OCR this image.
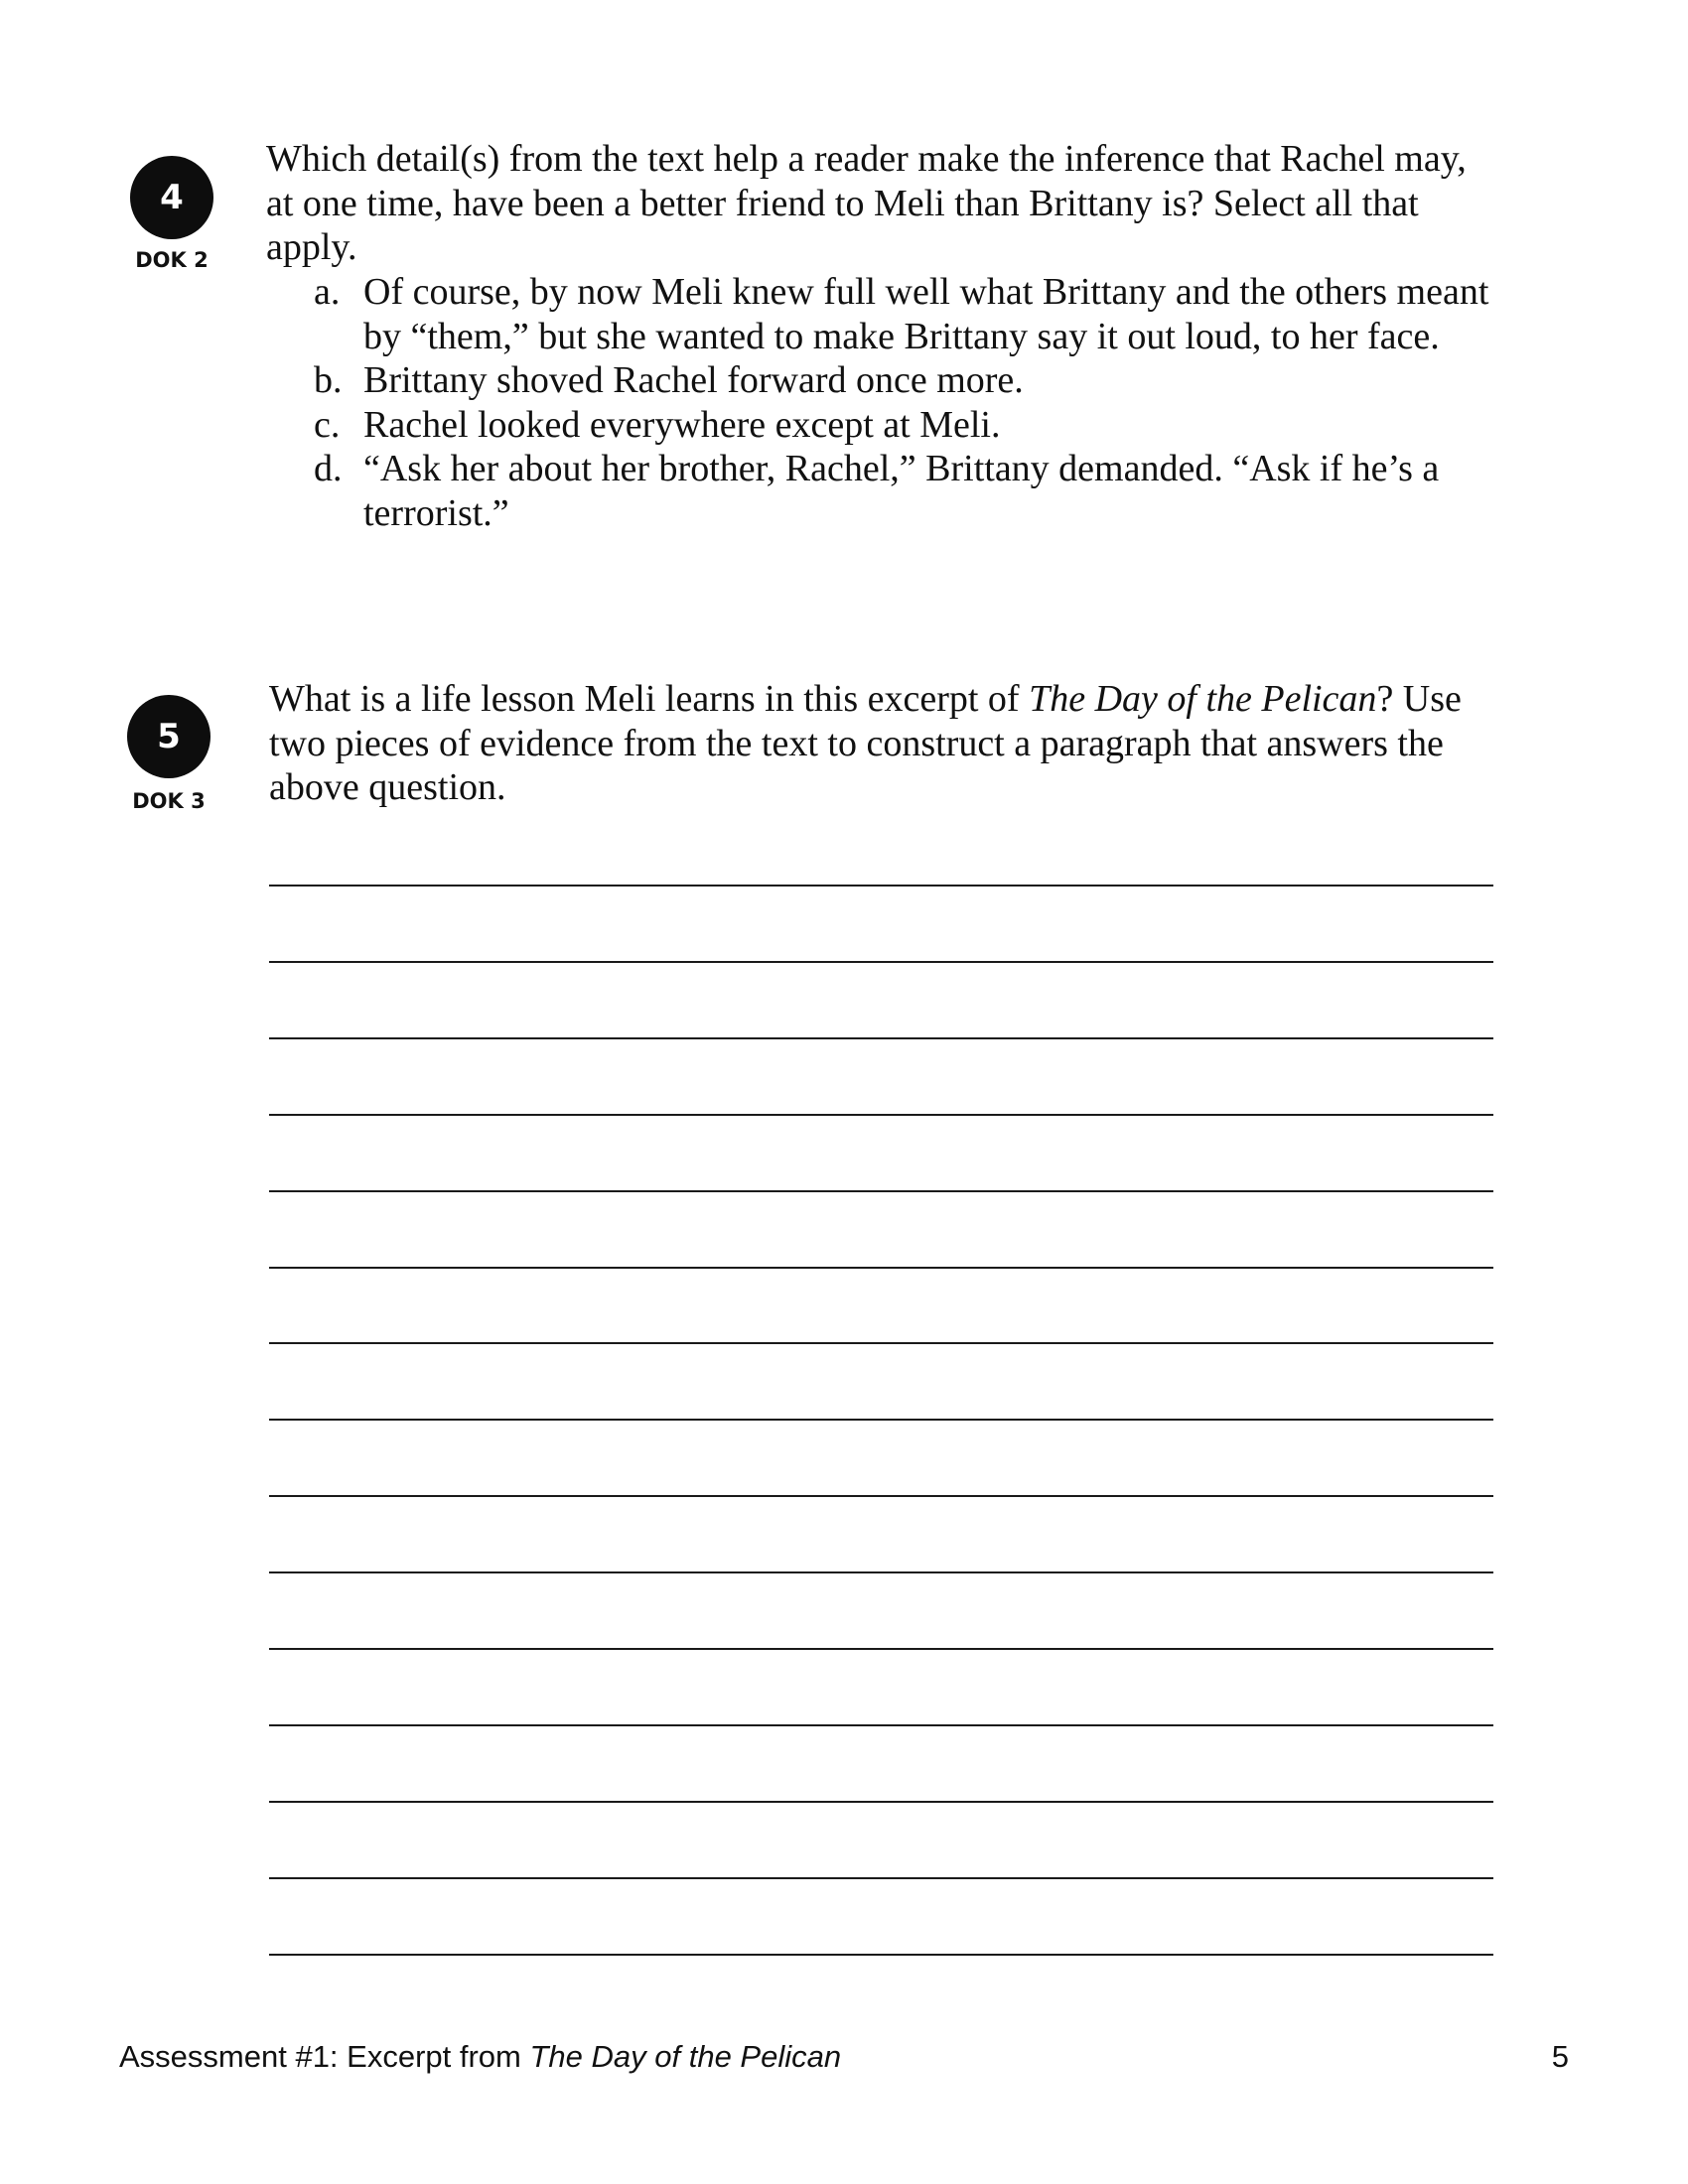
4
DOK 2

Which detail(s) from the text help a reader make the inference that Rachel may, at one time, have been a better friend to Meli than Brittany is? Select all that apply.

a. Of course, by now Meli knew full well what Brittany and the others meant by “them,” but she wanted to make Brittany say it out loud, to her face.
b. Brittany shoved Rachel forward once more.
c. Rachel looked everywhere except at Meli.
d. “Ask her about her brother, Rachel,” Brittany demanded. “Ask if he’s a terrorist.”
5
DOK 3

What is a life lesson Meli learns in this excerpt of The Day of the Pelican? Use two pieces of evidence from the text to construct a paragraph that answers the above question.

Assessment #1: Excerpt from The Day of the Pelican	5
